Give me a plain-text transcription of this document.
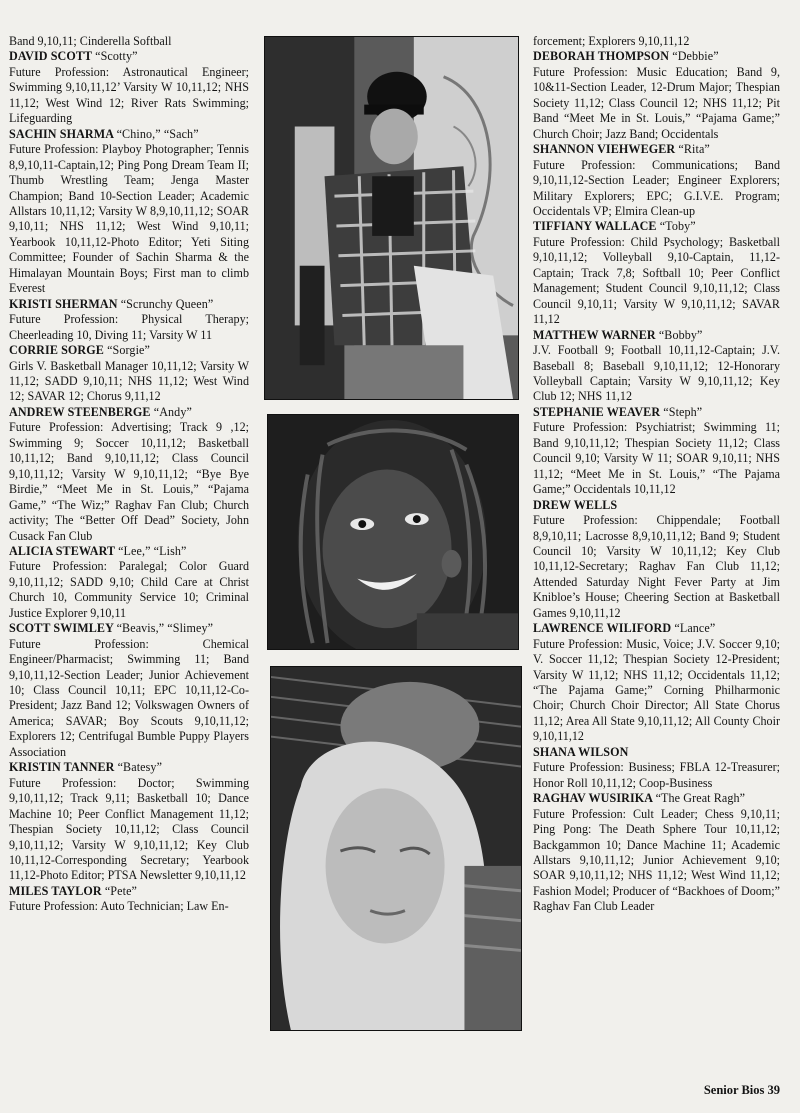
Band 9,10,11; Cinderella Softball

DAVID SCOTT “Scotty”

Future Profession: Astronautical Engineer; Swimming 9,10,11,12’ Varsity W 10,11,12; NHS 11,12; West Wind 12; River Rats Swimming; Lifeguarding

SACHIN SHARMA “Chino,” “Sach”

Future Profession: Playboy Photographer; Tennis 8,9,10,11-Captain,12; Ping Pong Dream Team II; Thumb Wrestling Team; Jenga Master Champion; Band 10-Section Leader; Academic Allstars 10,11,12; Varsity W 8,9,10,11,12; SOAR 9,10,11; NHS 11,12; West Wind 9,10,11; Yearbook 10,11,12-Photo Editor; Yeti Siting Committee; Founder of Sachin Sharma & the Himalayan Mountain Boys; First man to climb Everest

KRISTI SHERMAN “Scrunchy Queen”

Future Profession: Physical Therapy; Cheerleading 10, Diving 11; Varsity W 11

CORRIE SORGE “Sorgie”

Girls V. Basketball Manager 10,11,12; Varsity W 11,12; SADD 9,10,11; NHS 11,12; West Wind 12; SAVAR 12; Chorus 9,11,12

ANDREW STEENBERGE “Andy”

Future Profession: Advertising; Track 9 ,12; Swimming 9; Soccer 10,11,12; Basketball 10,11,12; Band 9,10,11,12; Class Council 9,10,11,12; Varsity W 9,10,11,12; “Bye Bye Birdie,” “Meet Me in St. Louis,” “Pajama Game,” “The Wiz;” Raghav Fan Club; Church activity; The “Better Off Dead” Society, John Cusack Fan Club

ALICIA STEWART “Lee,” “Lish”

Future Profession: Paralegal; Color Guard 9,10,11,12; SADD 9,10; Child Care at Christ Church 10, Community Service 10; Criminal Justice Explorer 9,10,11

SCOTT SWIMLEY “Beavis,” “Slimey”

Future Profession: Chemical Engineer/Pharmacist; Swimming 11; Band 9,10,11,12-Section Leader; Junior Achievement 10; Class Council 10,11; EPC 10,11,12-Co-President; Jazz Band 12; Volkswagen Owners of America; SAVAR; Boy Scouts 9,10,11,12; Explorers 12; Centrifugal Bumble Puppy Players Association

KRISTIN TANNER “Batesy”

Future Profession: Doctor; Swimming 9,10,11,12; Track 9,11; Basketball 10; Dance Machine 10; Peer Conflict Management 11,12; Thespian Society 10,11,12; Class Council 9,10,11,12; Varsity W 9,10,11,12; Key Club 10,11,12-Corresponding Secretary; Yearbook 11,12-Photo Editor; PTSA Newsletter 9,10,11,12

MILES TAYLOR “Pete”

Future Profession: Auto Technician; Law En-

forcement; Explorers 9,10,11,12

DEBORAH THOMPSON “Debbie”

Future Profession: Music Education; Band 9, 10&11-Section Leader, 12-Drum Major; Thespian Society 11,12; Class Council 12; NHS 11,12; Pit Band “Meet Me in St. Louis,” “Pajama Game;” Church Choir; Jazz Band; Occidentals

SHANNON VIEHWEGER “Rita”

Future Profession: Communications; Band 9,10,11,12-Section Leader; Engineer Explorers; Military Explorers; EPC; G.I.V.E. Program; Occidentals VP; Elmira Clean-up

TIFFIANY WALLACE “Toby”

Future Profession: Child Psychology; Basketball 9,10,11,12; Volleyball 9,10-Captain, 11,12-Captain; Track 7,8; Softball 10; Peer Conflict Management; Student Council 9,10,11,12; Class Council 9,10,11; Varsity W 9,10,11,12; SAVAR 11,12

MATTHEW WARNER “Bobby”

J.V. Football 9; Football 10,11,12-Captain; J.V. Baseball 8; Baseball 9,10,11,12; 12-Honorary Volleyball Captain; Varsity W 9,10,11,12; Key Club 12; NHS 11,12

STEPHANIE WEAVER “Steph”

Future Profession: Psychiatrist; Swimming 11; Band 9,10,11,12; Thespian Society 11,12; Class Council 9,10; Varsity W 11; SOAR 9,10,11; NHS 11,12; “Meet Me in St. Louis,” “The Pajama Game;” Occidentals 10,11,12

DREW WELLS

Future Profession: Chippendale; Football 8,9,10,11; Lacrosse 8,9,10,11,12; Band 9; Student Council 10; Varsity W 10,11,12; Key Club 10,11,12-Secretary; Raghav Fan Club 11,12; Attended Saturday Night Fever Party at Jim Knibloe’s House; Cheering Section at Basketball Games 9,10,11,12

LAWRENCE WILIFORD “Lance”

Future Profession: Music, Voice; J.V. Soccer 9,10; V. Soccer 11,12; Thespian Society 12-President; Varsity W 11,12; NHS 11,12; Occidentals 11,12; “The Pajama Game;” Corning Philharmonic Choir; Church Choir Director; All State Chorus 11,12; Area All State 9,10,11,12; All County Choir 9,10,11,12

SHANA WILSON

Future Profession: Business; FBLA 12-Treasurer; Honor Roll 10,11,12; Coop-Business

RAGHAV WUSIRIKA “The Great Ragh”

Future Profession: Cult Leader; Chess 9,10,11; Ping Pong: The Death Sphere Tour 10,11,12; Backgammon 10; Dance Machine 11; Academic Allstars 9,10,11,12; Junior Achievement 9,10; SOAR 9,10,11,12; NHS 11,12; West Wind 11,12; Fashion Model; Producer of “Backhoes of Doom;” Raghav Fan Club Leader

Senior Bios 39
